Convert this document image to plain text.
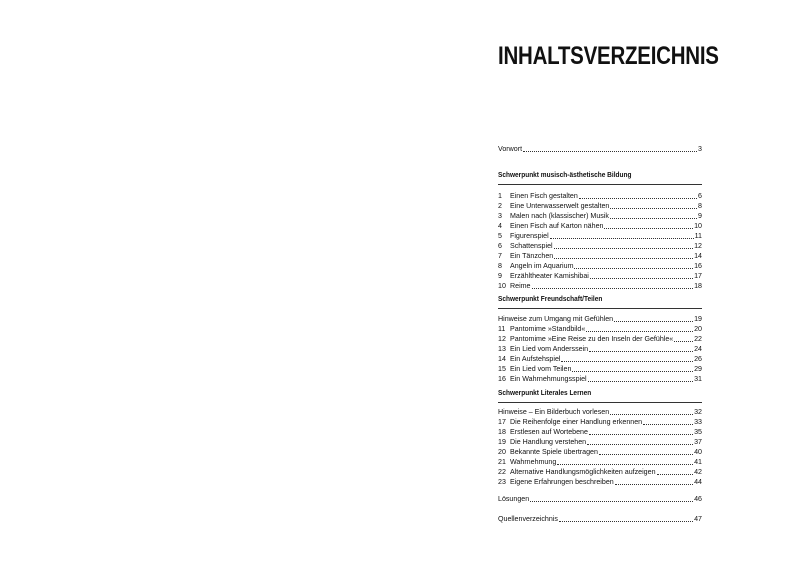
INHALTSVERZEICHNIS
Vorwort	3
Schwerpunkt musisch-ästhetische Bildung
1	Einen Fisch gestalten	6
2	Eine Unterwasserwelt gestalten	8
3	Malen nach (klassischer) Musik	9
4	Einen Fisch auf Karton nähen	10
5	Figurenspiel	11
6	Schattenspiel	12
7	Ein Tänzchen	14
8	Angeln im Aquarium	16
9	Erzähltheater Kamishibai	17
10 Reime	18
Schwerpunkt Freundschaft/Teilen
Hinweise zum Umgang mit Gefühlen	19
11 Pantomime »Standbild«	20
12 Pantomime »Eine Reise zu den Inseln der Gefühle«	22
13 Ein Lied vom Anderssein	24
14 Ein Aufstehspiel	26
15 Ein Lied vom Teilen	29
16 Ein Wahrnehmungsspiel	31
Schwerpunkt Literales Lernen
Hinweise – Ein Bilderbuch vorlesen	32
17 Die Reihenfolge einer Handlung erkennen	33
18 Erstlesen auf Wortebene	35
19 Die Handlung verstehen	37
20 Bekannte Spiele übertragen	40
21 Wahrnehmung	41
22 Alternative Handlungsmöglichkeiten aufzeigen	42
23 Eigene Erfahrungen beschreiben	44
Lösungen	46
Quellenverzeichnis	47
